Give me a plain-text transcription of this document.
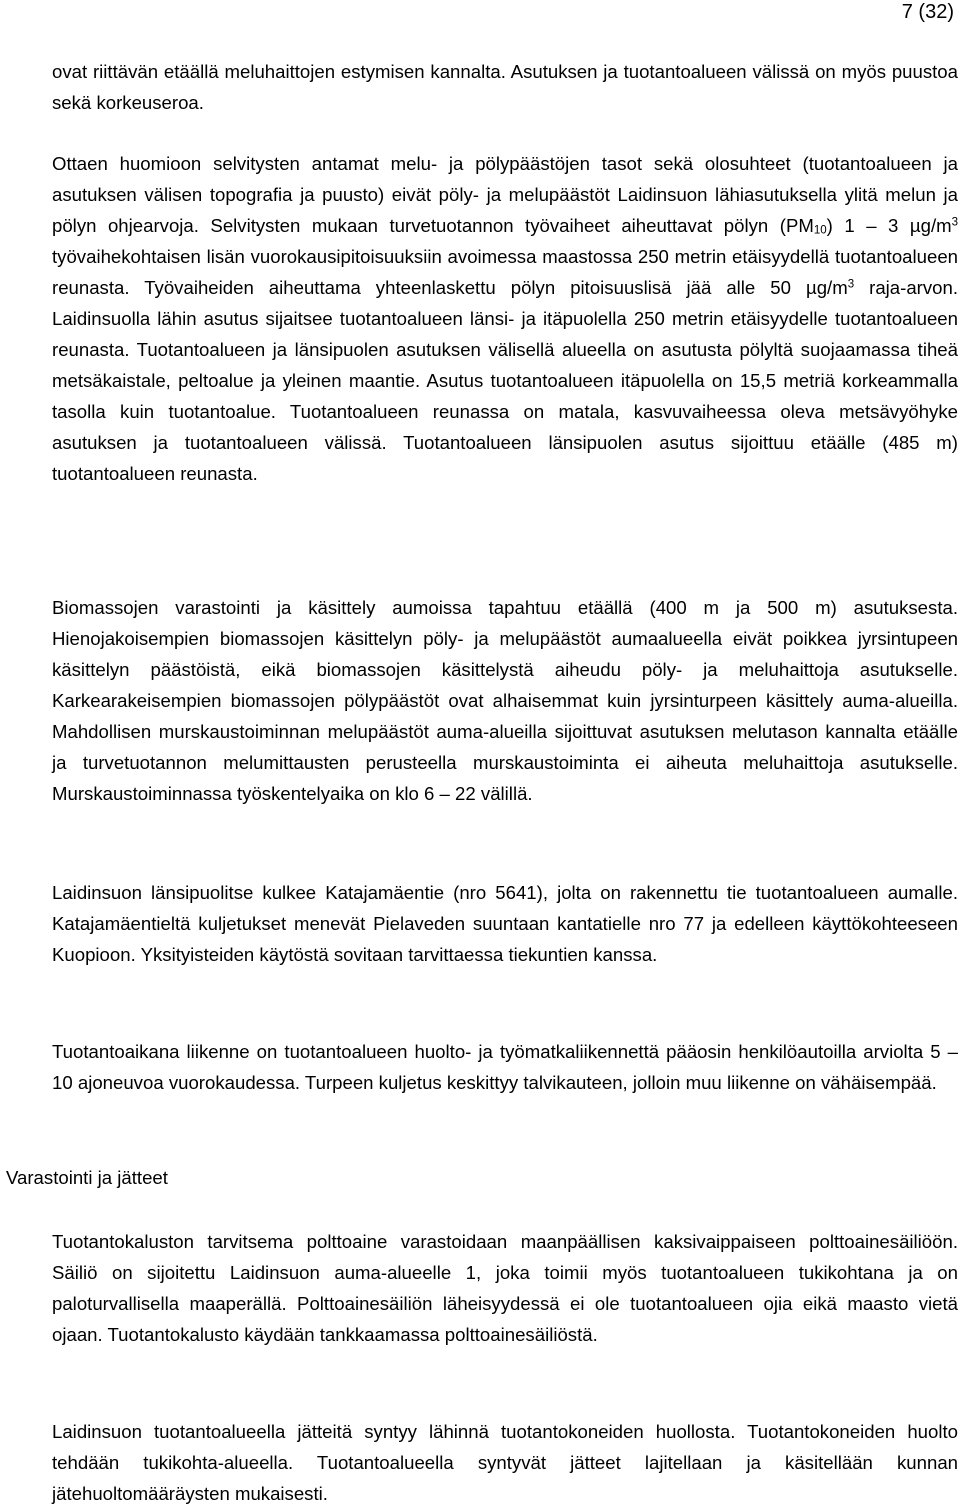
7 (32)

ovat riittävän etäällä meluhaittojen estymisen kannalta. Asutuksen ja tuotantoalueen välissä on myös puustoa sekä korkeuseroa.

Ottaen huomioon selvitysten antamat melu- ja pölypäästöjen tasot sekä olosuhteet (tuotantoalueen ja asutuksen välisen topografia ja puusto) eivät pöly- ja melupäästöt Laidinsuon lähiasutuksella ylitä melun ja pölyn ohjearvoja. Selvitysten mukaan turvetuotannon työvaiheet aiheuttavat pölyn $(PM_{10})$ 1 – 3 $\mu g/m^3$ työvaihekohtaisen lisän vuorokausipitoisuuksiin avoimessa maastossa 250 metrin etäisyydellä tuotantoalueen reunasta. Työvaiheiden aiheuttama yhteenlaskettu pölyn pitoisuuslisä jää alle 50 $\mu g/m^3$ raja-arvon. Laidinsuolla lähin asutus sijaitsee tuotantoalueen länsi- ja itäpuolella 250 metrin etäisyydelle tuotantoalueen reunasta. Tuotantoalueen ja länsipuolen asutuksen välisellä alueella on asutusta pölyltä suojaamassa tiheä metsäkaistale, peltoalue ja yleinen maantie. Asutus tuotantoalueen itäpuolella on 15,5 metriä korkeammalla tasolla kuin tuotantoalue. Tuotantoalueen reunassa on matala, kasvuvaiheessa oleva metsävyöhyke asutuksen ja tuotantoalueen välissä. Tuotantoalueen länsipuolen asutus sijoittuu etäälle (485 m) tuotantoalueen reunasta.

Biomassojen varastointi ja käsittely aumoissa tapahtuu etäällä (400 m ja 500 m) asutuksesta. Hienojakoisempien biomassojen käsittelyn pöly- ja melupäästöt aumaalueella eivät poikkea jyrsintupeen käsittelyn päästöistä, eikä biomassojen käsittelystä aiheudu pöly- ja meluhaittoja asutukselle. Karkearakeisempien biomassojen pölypäästöt ovat alhaisemmat kuin jyrsinturpeen käsittely auma-alueilla. Mahdollisen murskaustoiminnan melupäästöt auma-alueilla sijoittuvat asutuksen melutason kannalta etäälle ja turvetuotannon melumittausten perusteella murskaustoiminta ei aiheuta meluhaittoja asutukselle. Murskaustoiminnassa työskentelyaika on klo 6 – 22 välillä.

Laidinsuon länsipuolitse kulkee Katajamäentie (nro 5641), jolta on rakennettu tie tuotantoalueen aumalle. Katajamäentieltä kuljetukset menevät Pielaveden suuntaan kantatielle nro 77 ja edelleen käyttökohteeseen Kuopioon. Yksityisteiden käytöstä sovitaan tarvittaessa tiekuntien kanssa.

Tuotantoaikana liikenne on tuotantoalueen huolto- ja työmatkaliikennettä pääosin henkilöautoilla arviolta 5 – 10 ajoneuvoa vuorokaudessa. Turpeen kuljetus keskittyy talvikauteen, jolloin muu liikenne on vähäisempää.

Varastointi ja jätteet

Tuotantokaluston tarvitsema polttoaine varastoidaan maanpäällisen kaksivaippaiseen polttoainesäiliöön. Säiliö on sijoitettu Laidinsuon auma-alueelle 1, joka toimii myös tuotantoalueen tukikohtana ja on paloturvallisella maaperällä. Polttoainesäiliön läheisyydessä ei ole tuotantoalueen ojia eikä maasto vietä ojaan. Tuotantokalusto käydään tankkaamassa polttoainesäiliöstä.

Laidinsuon tuotantoalueella jätteitä syntyy lähinnä tuotantokoneiden huollosta. Tuotantokoneiden huolto tehdään tukikohta-alueella. Tuotantoalueella syntyvät jätteet lajitellaan ja käsitellään kunnan jätehuoltomääräysten mukaisesti.
